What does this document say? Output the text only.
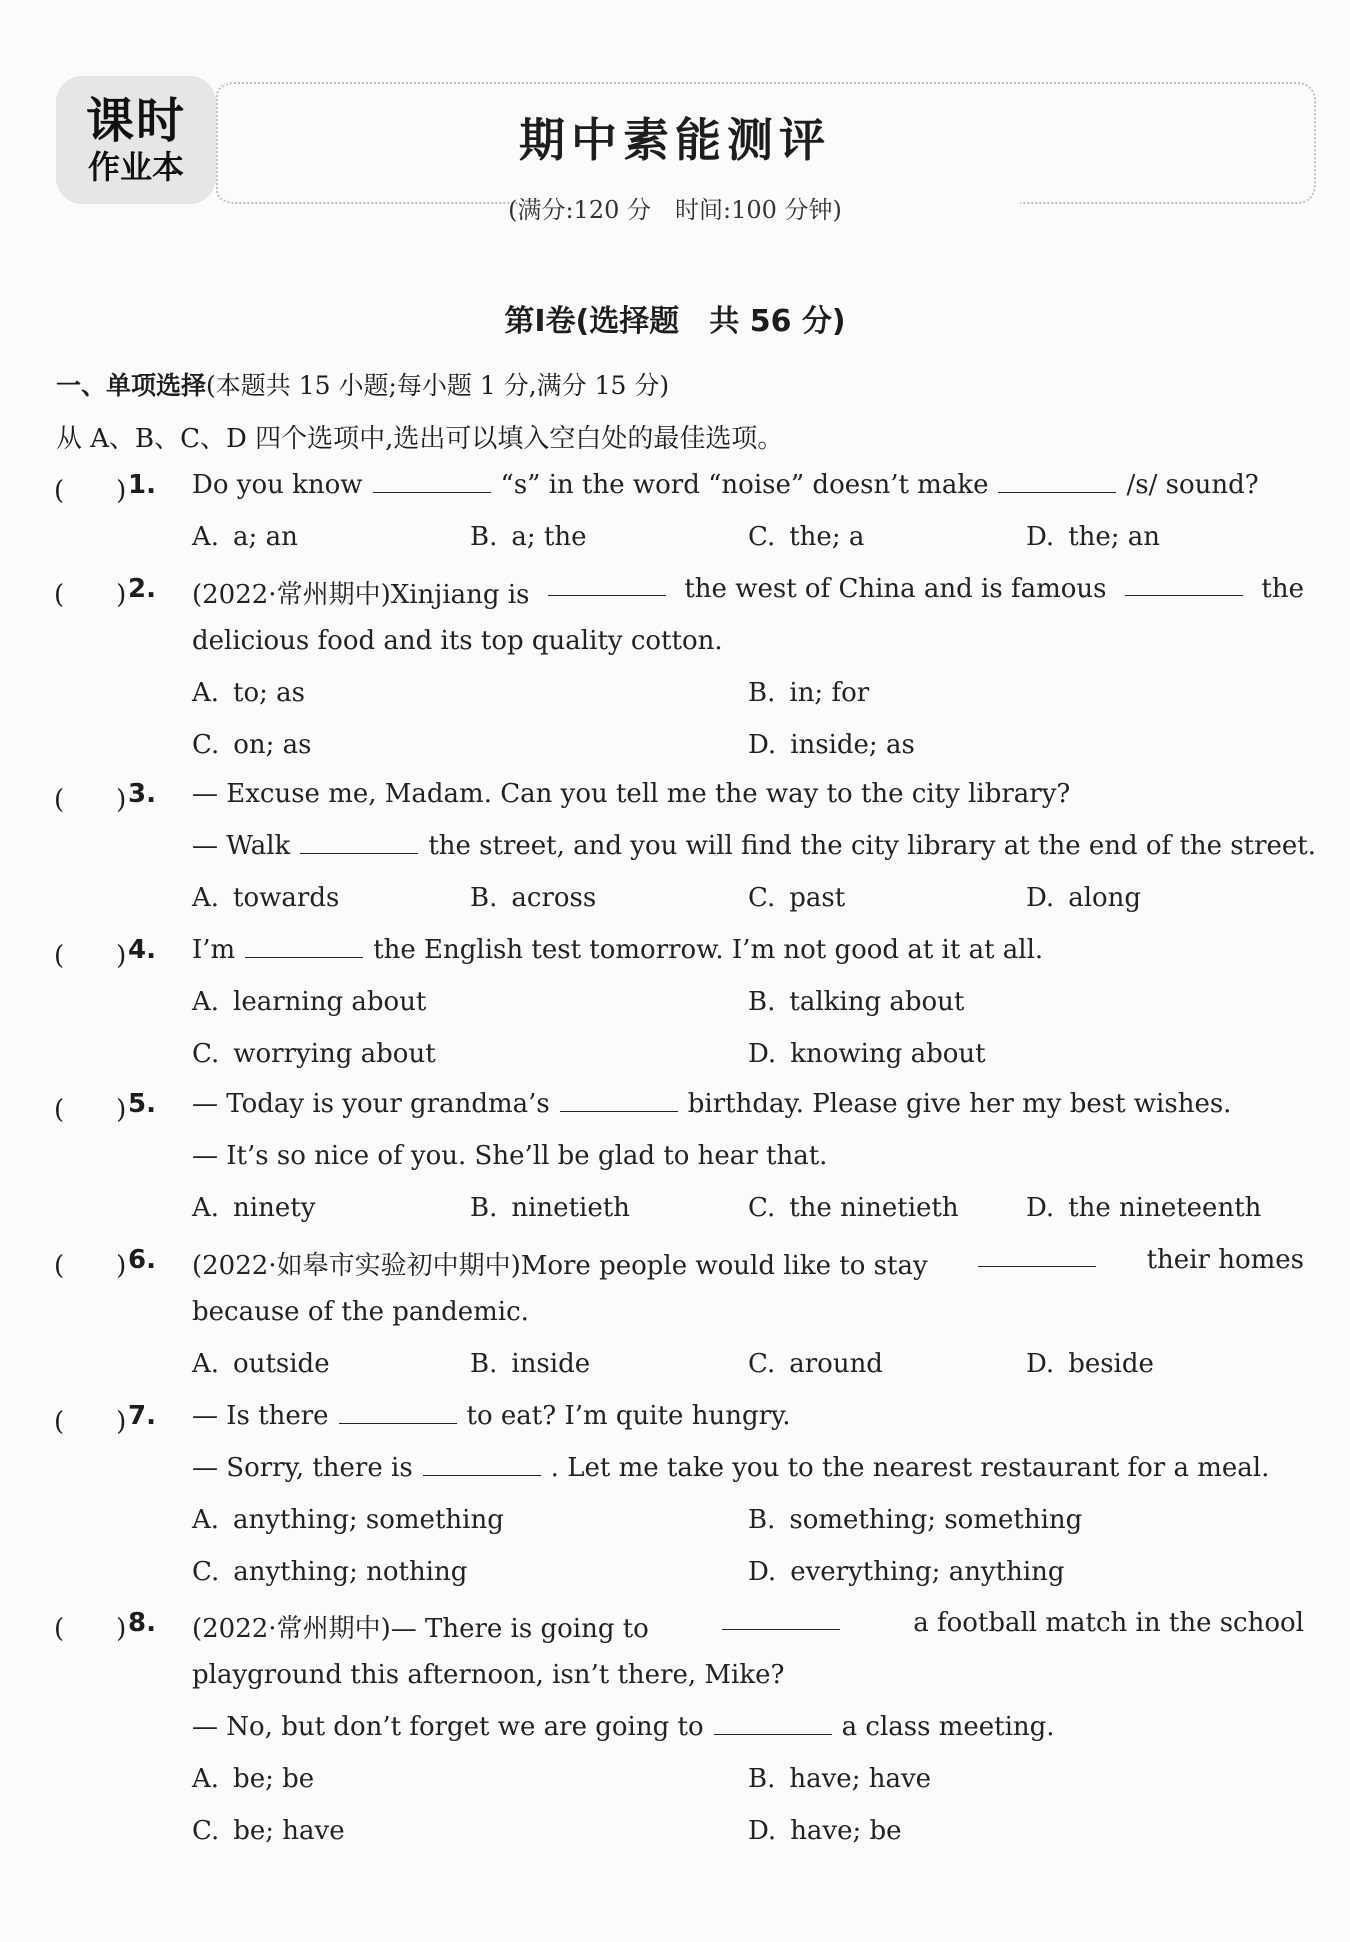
课时
作业本	期中素能测评
(满分:120 分　时间:100 分钟)
第Ⅰ卷(选择题　共 56 分)
一、单项选择(本题共 15 小题;每小题 1 分,满分 15 分)
从 A、B、C、D 四个选项中,选出可以填入空白处的最佳选项。
(　　) 1. Do you know	“s” in the word “noise” doesn’t make	/s/ sound?
A. a; an	B. a; the	C. the; a	D. the; an
(　　) 2. (2022·常州期中)Xinjiang is	the west of China and is famous	the
delicious food and its top quality cotton.
A. to; as	B. in; for
C. on; as	D. inside; as
(　　) 3. — Excuse me, Madam. Can you tell me the way to the city library?
— Walk	the street, and you will find the city library at the end of the street.
A. towards	B. across	C. past	D. along
(　　) 4. I’m	the English test tomorrow. I’m not good at it at all.
A. learning about	B. talking about
C. worrying about	D. knowing about
(　　) 5. — Today is your grandma’s	birthday. Please give her my best wishes.
— It’s so nice of you. She’ll be glad to hear that.
A. ninety	B. ninetieth	C. the ninetieth	D. the nineteenth
(　　) 6. (2022·如皋市实验初中期中)More people would like to stay	their homes
because of the pandemic.
A. outside	B. inside	C. around	D. beside
(　　) 7. — Is there	to eat? I’m quite hungry.
— Sorry, there is	. Let me take you to the nearest restaurant for a meal.
A. anything; something	B. something; something
C. anything; nothing	D. everything; anything
(　　) 8. (2022·常州期中)— There is going to	a football match in the school
playground this afternoon, isn’t there, Mike?
— No, but don’t forget we are going to	a class meeting.
A. be; be	B. have; have
C. be; have	D. have; be
